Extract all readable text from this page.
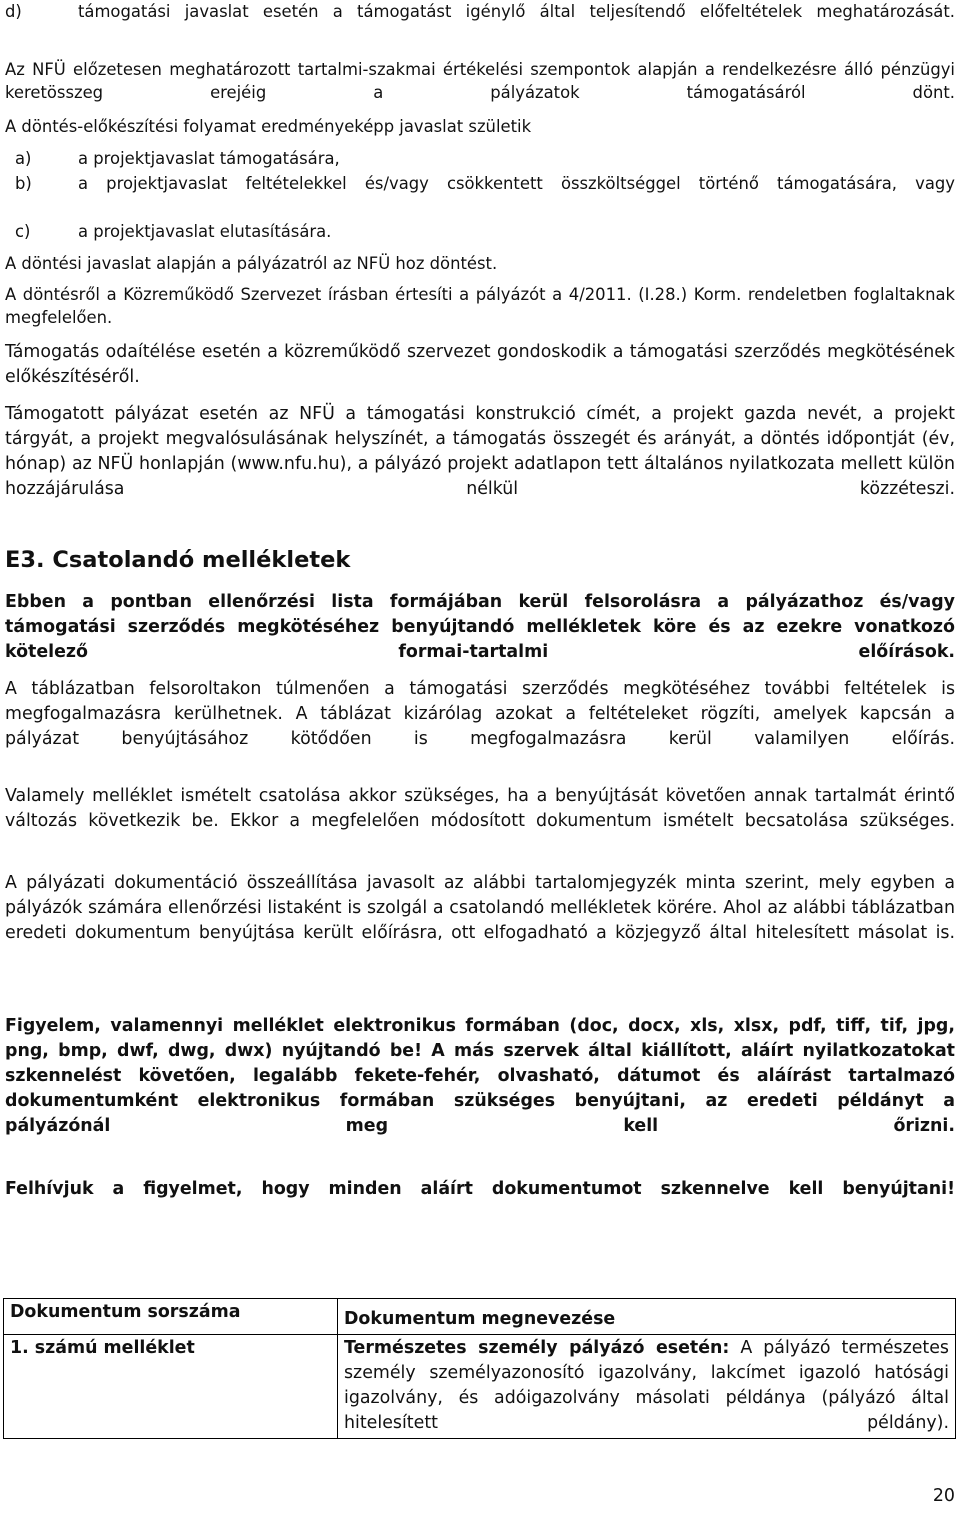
d)	támogatási javaslat esetén a támogatást igénylő által teljesítendő előfeltételek meghatározását.

Az NFÜ előzetesen meghatározott tartalmi-szakmai értékelési szempontok alapján a rendelkezésre álló pénzügyi keretösszeg erejéig a pályázatok támogatásáról dönt.

A döntés-előkészítési folyamat eredményeképp javaslat születik

a)	a projektjavaslat támogatására,

b)	a projektjavaslat feltételekkel és/vagy csökkentett összköltséggel történő támogatására, vagy

c)	a projektjavaslat elutasítására.

A döntési javaslat alapján a pályázatról az NFÜ hoz döntést.

A döntésről a Közreműködő Szervezet írásban értesíti a pályázót a 4/2011. (I.28.) Korm. rendeletben foglaltaknak megfelelően.

Támogatás odaítélése esetén a közreműködő szervezet gondoskodik a támogatási szerződés megkötésének előkészítéséről.

Támogatott pályázat esetén az NFÜ a támogatási konstrukció címét, a projekt gazda nevét, a projekt tárgyát, a projekt megvalósulásának helyszínét, a támogatás összegét és arányát, a döntés időpontját (év, hónap) az NFÜ honlapján (www.nfu.hu), a pályázó projekt adatlapon tett általános nyilatkozata mellett külön hozzájárulása nélkül közzéteszi.

E3. Csatolandó mellékletek

Ebben a pontban ellenőrzési lista formájában kerül felsorolásra a pályázathoz és/vagy támogatási szerződés megkötéséhez benyújtandó mellékletek köre és az ezekre vonatkozó kötelező formai-tartalmi előírások.

A táblázatban felsoroltakon túlmenően a támogatási szerződés megkötéséhez további feltételek is megfogalmazásra kerülhetnek. A táblázat kizárólag azokat a feltételeket rögzíti, amelyek kapcsán a pályázat benyújtásához kötődően is megfogalmazásra kerül valamilyen előírás.

Valamely melléklet ismételt csatolása akkor szükséges, ha a benyújtását követően annak tartalmát érintő változás következik be. Ekkor a megfelelően módosított dokumentum ismételt becsatolása szükséges.

A pályázati dokumentáció összeállítása javasolt az alábbi tartalomjegyzék minta szerint, mely egyben a pályázók számára ellenőrzési listaként is szolgál a csatolandó mellékletek körére. Ahol az alábbi táblázatban eredeti dokumentum benyújtása került előírásra, ott elfogadható a közjegyző által hitelesített másolat is.

Figyelem, valamennyi melléklet elektronikus formában (doc, docx, xls, xlsx, pdf, tiff, tif, jpg, png, bmp, dwf, dwg, dwx) nyújtandó be! A más szervek által kiállított, aláírt nyilatkozatokat szkennelést követően, legalább fekete-fehér, olvasható, dátumot és aláírást tartalmazó dokumentumként elektronikus formában szükséges benyújtani, az eredeti példányt a pályázónál meg kell őrizni.

Felhívjuk a figyelmet, hogy minden aláírt dokumentumot szkennelve kell benyújtani!

Dokumentum sorszáma	Dokumentum megnevezése
1. számú melléklet	Természetes személy pályázó esetén: A pályázó természetes személy személyazonosító igazolvány, lakcímet igazoló hatósági igazolvány, és adóigazolvány másolati példánya (pályázó által hitelesített példány).

20
